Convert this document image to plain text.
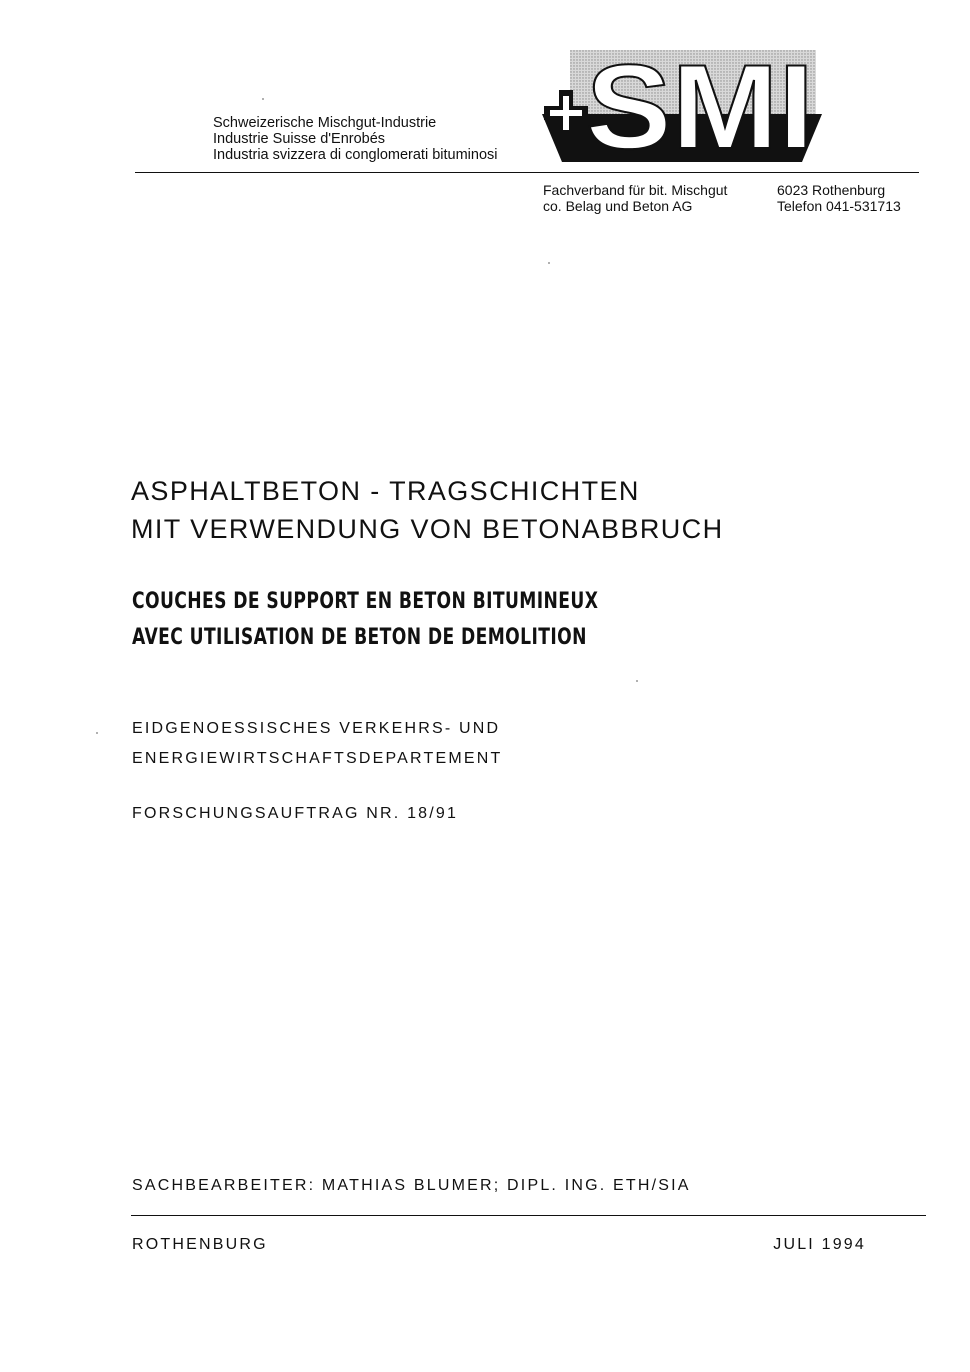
Schweizerische Mischgut-Industrie
Industrie Suisse d'Enrobés
Industria svizzera di conglomerati bituminosi SMI
Fachverband für bit. Mischgut
co. Belag und Beton AG
6023 Rothenburg
Telefon 041-531713
ASPHALTBETON - TRAGSCHICHTEN
MIT VERWENDUNG VON BETONABBRUCH
COUCHES DE SUPPORT EN BETON BITUMINEUX
AVEC UTILISATION DE BETON DE DEMOLITION
EIDGENOESSISCHES VERKEHRS- UND
ENERGIEWIRTSCHAFTSDEPARTEMENT
FORSCHUNGSAUFTRAG NR. 18/91
SACHBEARBEITER: MATHIAS BLUMER; DIPL. ING. ETH/SIA
ROTHENBURG	JULI 1994
